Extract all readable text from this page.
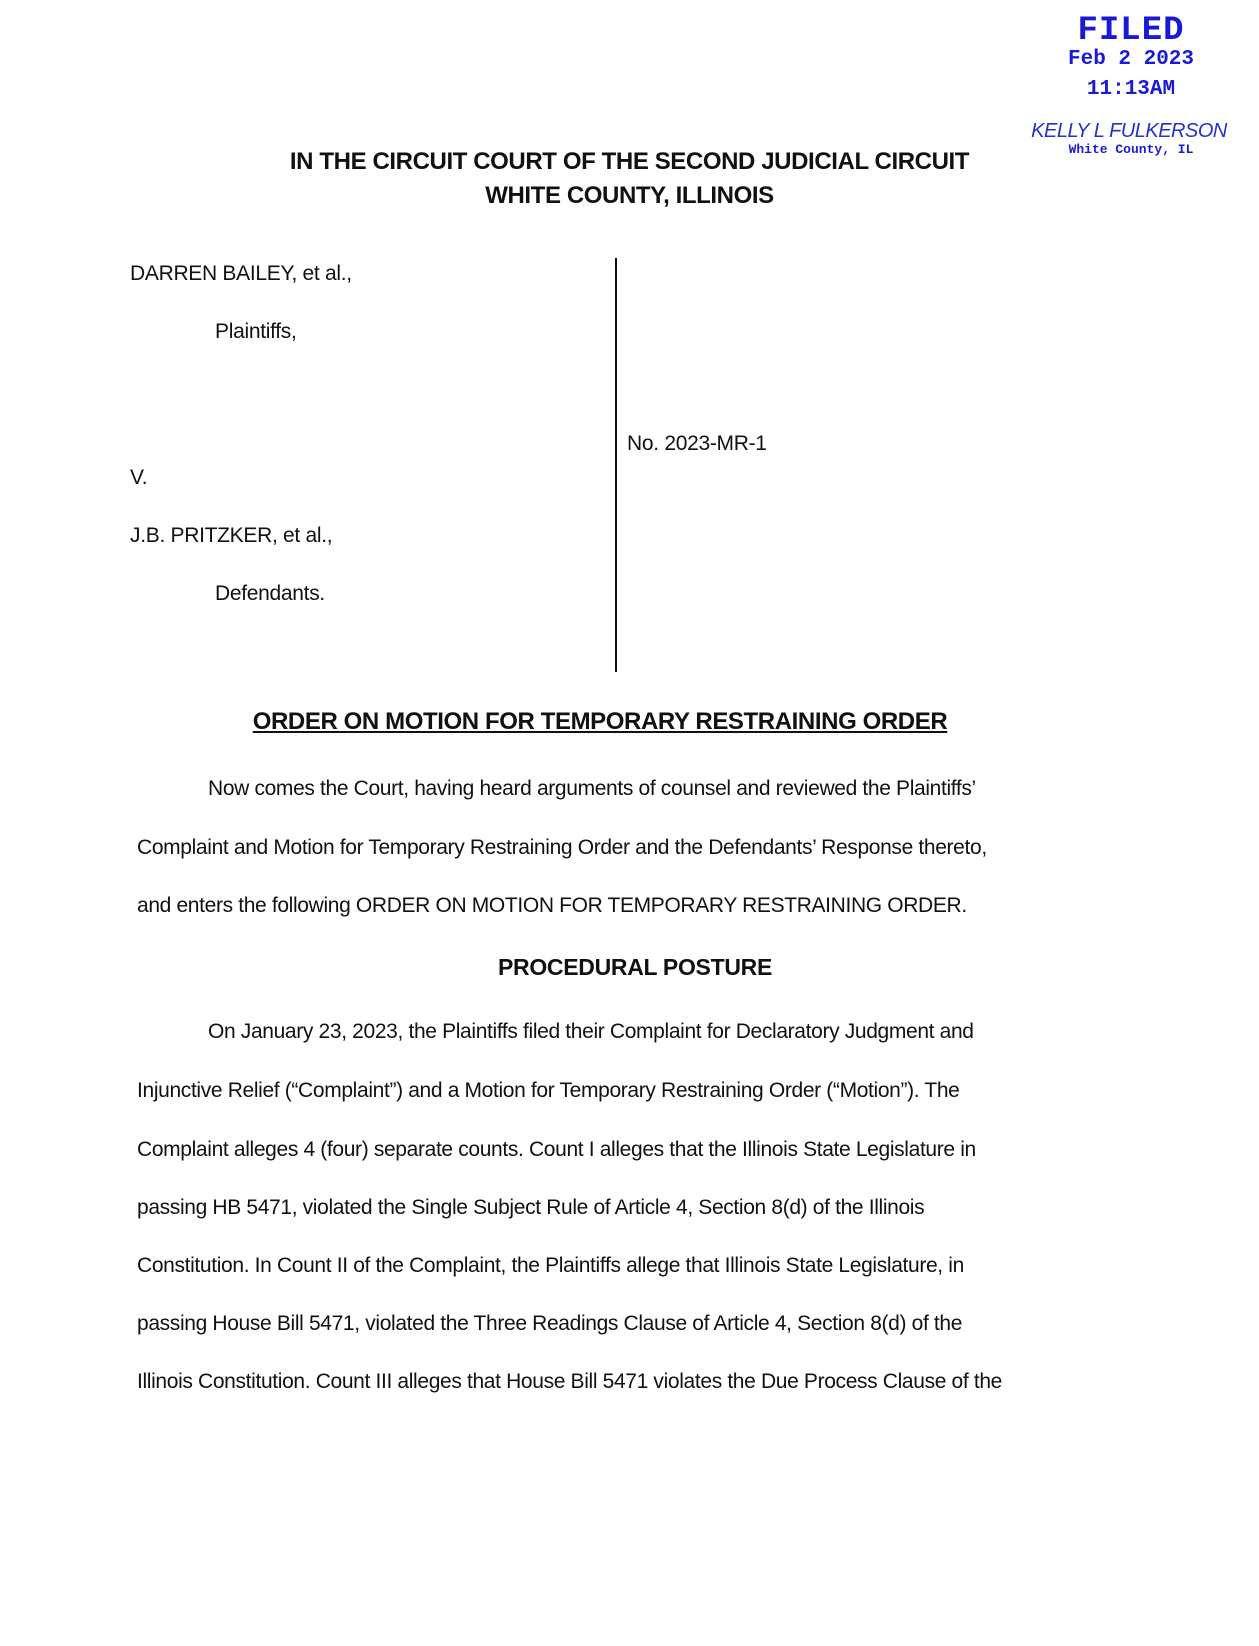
FILED
Feb 2 2023
11:13AM
KELLY L FULKERSON
White County, IL
IN THE CIRCUIT COURT OF THE SECOND JUDICIAL CIRCUIT
WHITE COUNTY, ILLINOIS
DARREN BAILEY, et al.,
Plaintiffs,
V.
J.B. PRITZKER, et al.,
Defendants.
No. 2023-MR-1
ORDER ON MOTION FOR TEMPORARY RESTRAINING ORDER
Now comes the Court, having heard arguments of counsel and reviewed the Plaintiffs’
Complaint and Motion for Temporary Restraining Order and the Defendants’ Response thereto,
and enters the following ORDER ON MOTION FOR TEMPORARY RESTRAINING ORDER.
PROCEDURAL POSTURE
On January 23, 2023, the Plaintiffs filed their Complaint for Declaratory Judgment and
Injunctive Relief (“Complaint”) and a Motion for Temporary Restraining Order (“Motion”). The
Complaint alleges 4 (four) separate counts. Count I alleges that the Illinois State Legislature in
passing HB 5471, violated the Single Subject Rule of Article 4, Section 8(d) of the Illinois
Constitution. In Count II of the Complaint, the Plaintiffs allege that Illinois State Legislature, in
passing House Bill 5471, violated the Three Readings Clause of Article 4, Section 8(d) of the
Illinois Constitution. Count III alleges that House Bill 5471 violates the Due Process Clause of the
